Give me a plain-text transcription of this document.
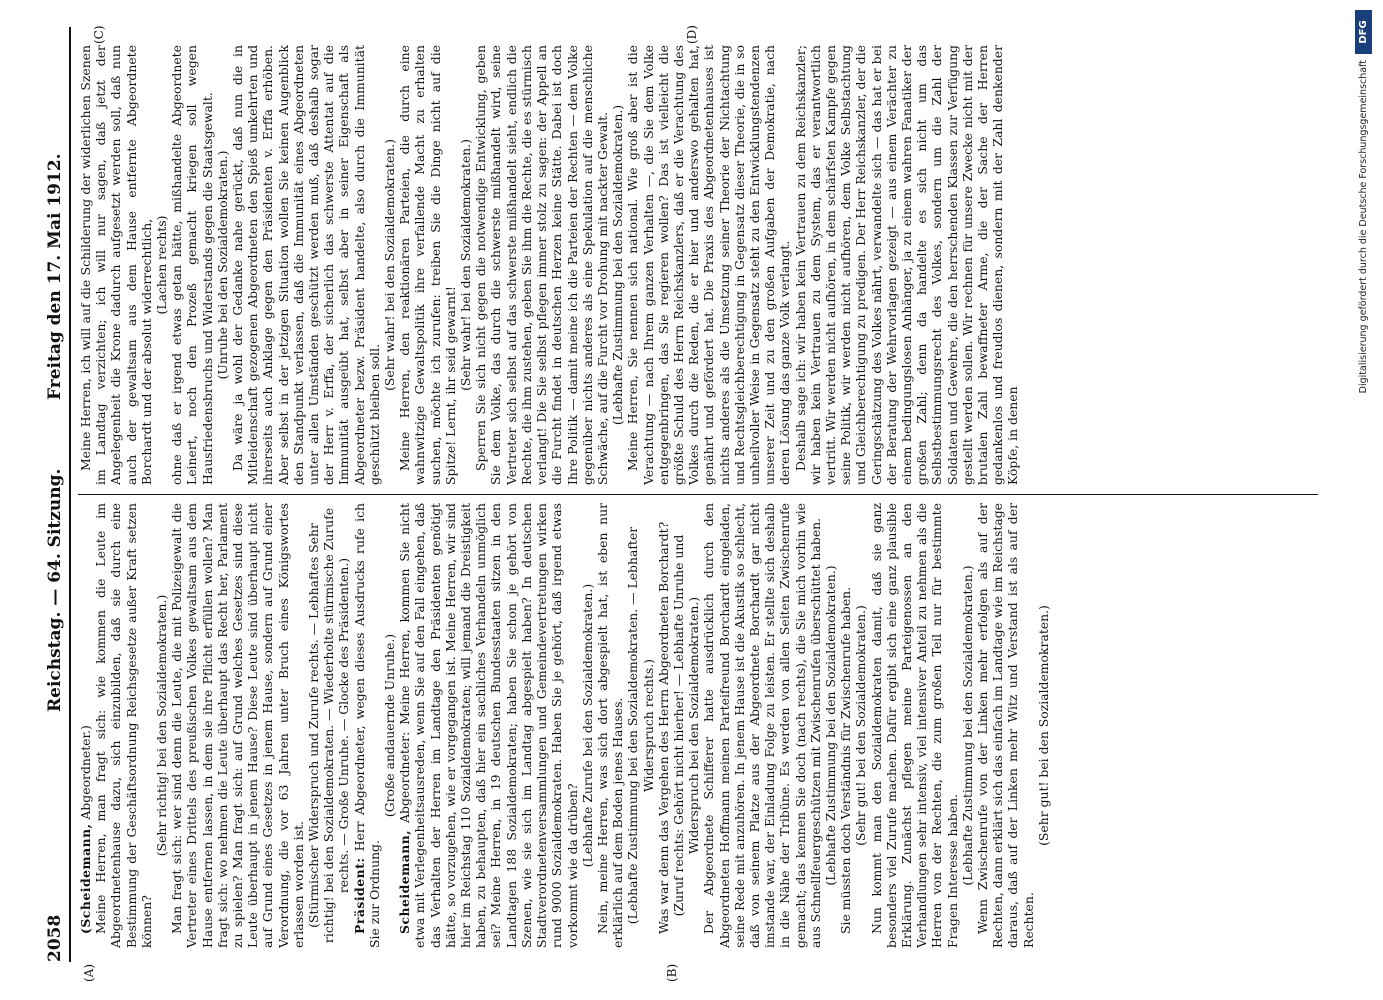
2058
Reichstag. — 64. Sitzung.
Freitag den 17. Mai 1912.
(A)	(B)
(C)	(D)

(Scheidemann, Abgeordneter.) Meine Herren, man fragt sich: wie kommen die Leute im Abgeordnetenhause dazu, sich einzubilden, daß sie durch eine Bestimmung der Geschäftsordnung Reichsgesetze außer Kraft setzen können?

(Sehr richtig! bei den Sozialdemokraten.) Man fragt sich: wer sind denn die Leute, die mit Polizeigewalt die Vertreter eines Drittels des preußischen Volkes gewaltsam aus dem Hause entfernen lassen, in dem sie ihre Pflicht erfüllen wollen? Man fragt sich: wo nehmen die Leute überhaupt das Recht her, Parlament zu spielen? Man fragt sich: auf Grund welches Gesetzes sind diese Leute überhaupt in jenem Hause? Diese Leute sind überhaupt nicht auf Grund eines Gesetzes in jenem Hause, sondern auf Grund einer Verordnung, die vor 63 Jahren unter Bruch eines Königswortes erlassen worden ist. (Stürmischer Widerspruch und Zurufe rechts. — Lebhaftes Sehr richtig! bei den Sozialdemokraten. — Wiederholte stürmische Zurufe rechts. — Große Unruhe. — Glocke des Präsidenten.)

Präsident: Herr Abgeordneter, wegen dieses Ausdrucks rufe ich Sie zur Ordnung.

(Große andauernde Unruhe.)

Scheidemann, Abgeordneter: Meine Herren, kommen Sie nicht etwa mit Verlegenheitsausreden, wenn Sie auf den Fall eingehen, daß das Verhalten der Herren im Landtage den Präsidenten genötigt hätte, so vorzugehen, wie er vorgegangen ist. Meine Herren, wir sind hier im Reichstag 110 Sozialdemokraten; will jemand die Dreistigkeit haben, zu behaupten, daß hier ein sachliches Verhandeln unmöglich sei? Meine Herren, in 19 deutschen Bundesstaaten sitzen in den Landtagen 188 Sozialdemokraten; haben Sie schon je gehört von Szenen, wie sie sich im Landtag abgespielt haben? In deutschen Stadtverordnetenversammlungen und Gemeindevertretungen wirken rund 9000 Sozialdemokraten. Haben Sie je gehört, daß irgend etwas vorkommt wie da drüben? (Lebhafte Zurufe bei den Sozialdemokraten.) Nein, meine Herren, was sich dort abgespielt hat, ist eben nur erklärlich auf dem Boden jenes Hauses. (Lebhafte Zustimmung bei den Sozialdemokraten. — Lebhafter Widerspruch rechts.) Was war denn das Vergehen des Herrn Abgeordneten Borchardt? (Zuruf rechts: Gehört nicht hierher! — Lebhafte Unruhe und Widerspruch bei den Sozialdemokraten.) Der Abgeordnete Schifferer hatte ausdrücklich durch den Abgeordneten Hoffmann meinen Parteifreund Borchardt eingeladen, seine Rede mit anzuhören. In jenem Hause ist die Akustik so schlecht, daß von seinem Platze aus der Abgeordnete Borchardt gar nicht imstande war, der Einladung Folge zu leisten. Er stellte sich deshalb in die Nähe der Tribüne. Es werden von allen Seiten Zwischenrufe gemacht; das kennen Sie doch (nach rechts), die Sie mich vorhin wie aus Schnellfeuergeschützen mit Zwischenrufen überschüttet haben. (Lebhafte Zustimmung bei den Sozialdemokraten.) Sie müssten doch Verständnis für Zwischenrufe haben. (Sehr gut! bei den Sozialdemokraten.) Nun kommt man den Sozialdemokraten damit, daß sie ganz besonders viel Zurufe machen. Dafür ergibt sich eine ganz plausible Erklärung. Zunächst pflegen meine Parteigenossen an den Verhandlungen sehr intensiv, viel intensiver Anteil zu nehmen als die Herren von der Rechten, die zum großen Teil nur für bestimmte Fragen Interesse haben. (Lebhafte Zustimmung bei den Sozialdemokraten.) Wenn Zwischenrufe von der Linken mehr erfolgen als auf der Rechten, dann erklärt sich das einfach im Landtage wie im Reichstage daraus, daß auf der Linken mehr Witz und Verstand ist als auf der Rechten.

(Sehr gut! bei den Sozialdemokraten.)

Meine Herren, ich will auf die Schilderung der widerlichen Szenen im Landtag verzichten; ich will nur sagen, daß jetzt der Angelegenheit die Krone dadurch aufgesetzt werden soll, daß nun auch der gewaltsam aus dem Hause entfernte Abgeordnete Borchardt und der absolut widerrechtlich, (Lachen rechts) ohne daß er irgend etwas getan hätte, mißhandelte Abgeordnete Leinert, noch den Prozeß gemacht kriegen soll wegen Hausfriedensbruchs und Widerstands gegen die Staatsgewalt. (Unruhe bei den Sozialdemokraten.) Da wäre ja wohl der Gedanke nahe gerückt, daß nun die in Mitleidenschaft gezogenen Abgeordneten den Spieß umkehrten und ihrerseits auch Anklage gegen den Präsidenten v. Erffa erhöben. Aber selbst in der jetzigen Situation wollen Sie keinen Augenblick den Standpunkt verlassen, daß die Immunität eines Abgeordneten unter allen Umständen geschützt werden muß, daß deshalb sogar der Herr v. Erffa, der sicherlich das schwerste Attentat auf die Immunität ausgeübt hat, selbst aber in seiner Eigenschaft als Abgeordneter bezw. Präsident handelte, also durch die Immunität geschützt bleiben soll.

(Sehr wahr! bei den Sozialdemokraten.) Meine Herren, den reaktionären Parteien, die durch eine wahnwitzige Gewaltspolitik ihre verfallende Macht zu erhalten suchen, möchte ich zurufen: treiben Sie die Dinge nicht auf die Spitze! Lernt, ihr seid gewarnt! (Sehr wahr! bei den Sozialdemokraten.) Sperren Sie sich nicht gegen die notwendige Entwicklung, geben Sie dem Volke, das durch die schwerste mißhandelt wird, seine Vertreter sich selbst auf das schwerste mißhandelt sieht, endlich die Rechte, die ihm zustehen, geben Sie ihm die Rechte, die es stürmisch verlangt! Die Sie selbst pflegen immer stolz zu sagen: der Appell an die Furcht findet in deutschen Herzen keine Stätte. Dabei ist doch Ihre Politik — damit meine ich die Parteien der Rechten — dem Volke gegenüber nichts anderes als eine Spekulation auf die menschliche Schwäche, auf die Furcht vor Drohung mit nackter Gewalt. (Lebhafte Zustimmung bei den Sozialdemokraten.) Meine Herren, Sie nennen sich national. Wie groß aber ist die Verachtung — nach Ihrem ganzen Verhalten —, die Sie dem Volke entgegenbringen, das Sie regieren wollen? Das ist vielleicht die größte Schuld des Herrn Reichskanzlers, daß er die Verachtung des Volkes durch die Reden, die er hier und anderswo gehalten hat, genährt und gefördert hat. Die Praxis des Abgeordnetenhauses ist nichts anderes als die Umsetzung seiner Theorie der Nichtachtung und Rechtsgleichberechtigung in Gegensatz dieser Theorie, die in so unheilvoller Weise in Gegensatz steht zu den Entwicklungstendenzen unserer Zeit und zu den großen Aufgaben der Demokratie, nach deren Lösung das ganze Volk verlangt. Deshalb sage ich: wir haben kein Vertrauen zu dem Reichskanzler; wir haben kein Vertrauen zu dem System, das er verantwortlich vertritt. Wir werden nicht aufhören, in dem schärfsten Kampfe gegen seine Politik, wir werden nicht aufhören, dem Volke Selbstachtung und Gleichberechtigung zu predigen. Der Herr Reichskanzler, der die Geringschätzung des Volkes nährt, verwandelte sich — das hat er bei der Beratung der Wehrvorlagen gezeigt — aus einem Verächter zu einem bedingungslosen Anhänger, ja zu einem wahren Fanatiker der großen Zahl; denn da handelte es sich nicht um das Selbstbestimmungsrecht des Volkes, sondern um die Zahl der Soldaten und Gewehre, die den herrschenden Klassen zur Verfügung gestellt werden sollen. Wir rechnen für unsere Zwecke nicht mit der brutalen Zahl bewaffneter Arme, die der Sache der Herren gedankenlos und freudlos dienen, sondern mit der Zahl denkender Köpfe, in denen

Digitalisierung gefördert durch die Deutsche Forschungsgemeinschaft
DFG
